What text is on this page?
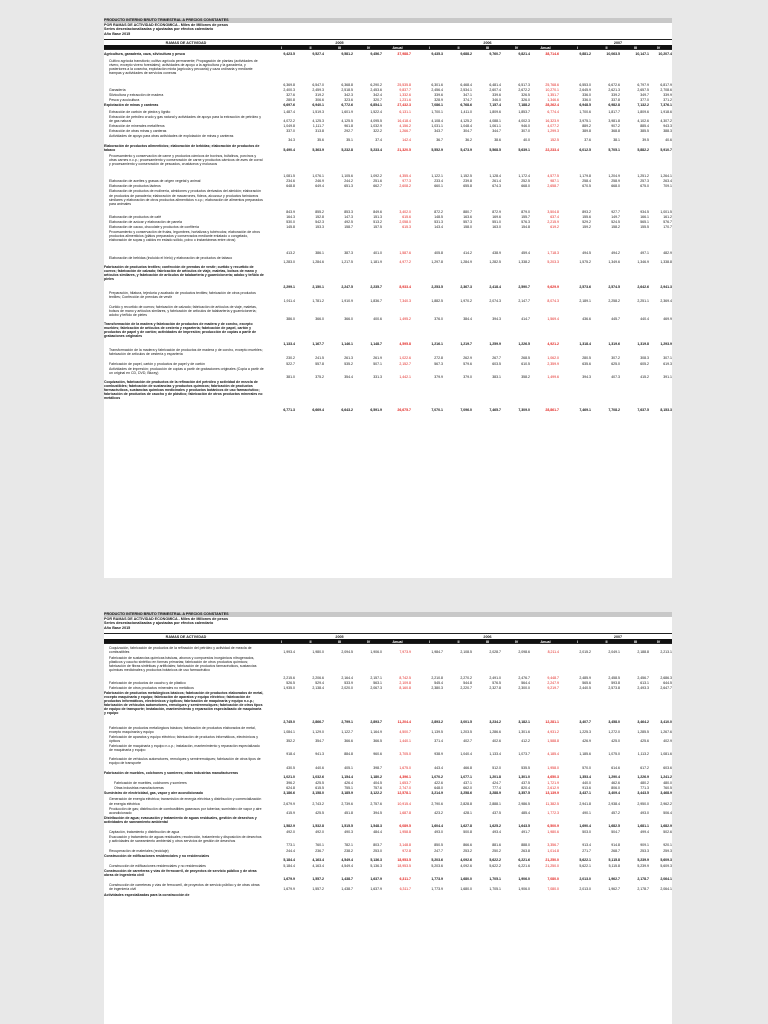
PRODUCTO INTERNO BRUTO TRIMESTRAL A PRECIOS CONSTANTES
POR RAMAS DE ACTIVIDAD ECONOMICA - Miles de Millones de pesos
Series desestacionalizadas y ajustadas por efectos calendario
Año Base 2015
RAMAS DE ACTIVIDAD	2005	2006	2007
I	II	III	IV	Anual	I	II	III	IV	Anual	I	II	III	IV
Agricultura, ganadería, caza, silvicultura y pesca	9,423.5	9,527.4	9,581.2	9,456.7	37,988.7	9,435.3	9,688.2	9,760.7	9,821.4	38,714.6	9,881.2	10,063.5	10,147.1	10,207.4
Cultivo agrícola transitorio; cultivo agrícola permanente; Propagación de plantas (actividades de vivero, excepto vivero forestales); actividades de apoyo a la agricultura y la ganadería, y posteriores a la cosecha, explotación mixta (agrícola y pecuaria) y caza ordinaria y mediante trampas y actividades de servicios conexas
6,369.8	6,547.0	6,368.8	6,290.2	25,535.8	6,301.6	6,468.4	6,481.4	6,517.3	25,768.6	6,553.0	6,672.6	6,797.9	6,817.9
Ganadería	2,400.3	2,459.3	2,518.5	2,453.6	9,837.7	2,456.4	2,534.1	2,607.4	2,672.2	10,270.1	2,645.9	2,621.3	2,657.5	2,708.6
Silvicultura y extracción de madera	327.6	319.2	342.3	342.4	1,332.6	339.6	347.1	339.6	326.5	1,351.7	336.0	339.2	349.7	339.9
Pesca y acuicultura	280.8	306.6	323.6	320.7	1,231.6	328.9	374.7	346.0	326.0	1,346.6	336.0	337.8	377.0	371.2
Explotación de minas y canteras	6,697.6	6,940.1	6,772.6	6,854.1	27,432.3	7,086.1	6,768.6	7,157.4	7,188.2	28,262.4	6,948.5	6,982.8	7,132.2	7,376.1
Extracción de carbón de piedra y lignito	1,487.4	1,519.3	1,601.9	1,522.4	6,131.1	1,700.1	1,411.0	1,809.6	1,853.7	6,774.4	1,700.6	1,817.7	1,809.6	1,918.6
Extracción de petróleo crudo y gas natural y actividades de apoyo para la extracción de petróleo y de gas natural	4,072.2	4,125.3	4,125.5	4,095.5	16,418.4	4,108.4	4,125.2	4,088.1	4,002.3	16,323.9	3,975.1	3,981.8	4,102.6	4,307.2
Extracción de minerales metalíferos	1,049.8	1,111.7	961.8	1,032.9	4,156.2	1,031.1	1,048.4	1,061.1	946.0	4,077.2	889.2	907.2	885.4	943.3
Extracción de otras minas y canteras	337.0	313.8	292.7	322.2	1,266.7	343.7	304.7	344.7	307.0	1,299.3	389.8	368.8	385.5	388.3
Actividades de apoyo para otras actividades de explotación de minas y canteras
34.3	35.6	35.1	37.4	142.4	36.7	36.2	38.6	40.0	152.5	37.6	38.1	39.5	40.6
Elaboración de productos alimenticios; elaboración de bebidas; elaboración de productos de tabaco	5,490.4	5,363.9	5,232.8	5,233.4	21,320.5	5,552.9	5,473.9	5,568.5	5,639.1	22,233.4	6,012.5	5,705.1	5,882.2	5,910.7
Procesamiento y conservación de carne y productos cárnicos de bovinos, búfalinos, porcinos y otras carnes n.c.p.; procesamiento y conservación de carne y productos cárnicos de aves de corral y procesamiento y conservación de pescados, crustáceos y moluscos
1,081.5	1,076.1	1,105.6	1,092.2	4,355.4	1,122.1	1,152.5	1,128.4	1,172.4	4,577.5	1,179.8	1,204.9	1,251.2	1,264.1
Elaboración de aceites y grasas de origen vegetal y animal	234.6	246.9	244.2	251.6	977.3	233.4	239.8	261.4	252.5	987.1	258.4	258.9	257.3	263.4
Elaboración de productos lácteos	648.8	649.4	651.3	662.7	2,608.2	660.1	655.8	674.3	668.0	2,658.7	670.5	668.0	675.0	709.1
Elaboración de productos de molinería, almidones y productos derivados del almidón; elaboración de productos de panadería; elaboración de macarrones, fideos, alcuzcuz y productos farináceos similares y elaboración de otros productos alimenticios n.c.p.; elaboración de alimentos preparados para animales
843.9	855.2	853.3	849.6	3,402.0	872.2	880.7	872.9	879.0	3,504.8	893.2	927.7	934.5	1,001.5
Elaboración de productos de café	164.3	152.8	147.3	151.3	615.6	148.5	163.6	169.6	155.7	637.4	155.6	149.7	166.1	161.2
Elaboración de azúcar y elaboración de panela	530.0	542.3	492.5	513.2	2,058.0	531.3	557.3	551.0	576.3	2,215.9	529.2	524.5	565.1	576.7
Elaboración de cacao, chocolate y productos de confitería	145.8	153.3	158.7	157.5	615.3	143.4	158.0	163.0	154.8	619.2	159.2	158.2	155.5	170.7
Procesamiento y conservación de frutas, legumbres, hortalizas y tubérculos; elaboración de otros productos alimenticios (plátos preparados y conservados mediante enlatado o congelado, elaboración de sopas y caldos en estado sólido, polvo o instantáneas entre otros)
413.2	386.1	387.3	401.0	1,587.6	405.8	414.2	438.9	459.4	1,718.3	494.5	494.2	497.1	482.9
Elaboración de bebidas (incluido el hielo) y elaboración de productos de tabaco
1,283.0	1,284.6	1,217.5	1,181.9	4,977.2	1,297.8	1,284.9	1,282.5	1,338.2	5,203.3	1,575.2	1,349.6	1,346.9	1,338.8
Fabricación de productos textiles; confección de prendas de vestir; curtido y recurtido de cueros; fabricación de calzado; fabricación de artículos de viaje, maletas, bolsos de mano y artículos similares, y fabricación de artículos de talabartería y guarnicionería; adobo y teñido de pieles
2,299.1	2,150.1	2,247.5	2,235.7	8,933.4	2,253.5	2,367.3	2,418.4	2,590.7	9,629.9	2,573.6	2,574.5	2,642.6	2,941.3
Preparación, hilatura, tejeduría y acabado de productos textiles; fabricación de otros productos textiles; Confección de prendas de vestir
1,911.4	1,781.2	1,910.9	1,836.7	7,340.3	1,882.5	1,970.2	2,074.3	2,147.7	8,074.3	2,189.1	2,258.2	2,251.1	2,369.4
Curtido y recurtido de cueros; fabricación de calzado; fabricación de artículos de viaje, maletas, bolsos de mano y artículos similares, y fabricación de artículos de talabartería y guarnicionería; adobo y teñido de pieles
386.0	366.0	366.0	400.6	1,495.2	376.0	384.4	394.3	414.7	1,569.4	436.6	445.7	440.4	469.9
Transformación de la madera y fabricación de productos de madera y de corcho, excepto muebles; fabricación de artículos de cestería y espartería; fabricación de papel, cartón y productos de papel y de cartón; actividades de impresión; producción de copias a partir de grabaciones originales
1,133.4	1,167.7	1,146.1	1,148.7	4,595.8	1,216.1	1,219.7	1,259.9	1,226.5	4,921.2	1,318.4	1,319.6	1,319.8	1,293.9
Transformación de la madera y fabricación de productos de madera y de corcho, excepto muebles; fabricación de artículos de cestería y espartería
230.2	241.5	261.3	261.9	1,022.6	272.8	262.9	267.7	268.5	1,062.0	280.5	307.2	308.3	307.1
Fabricación de papel, cartón y productos de papel y de cartón	522.7	557.8	535.2	507.1	2,152.7	567.3	579.6	603.5	610.5	2,359.9	635.6	625.0	605.2	619.3
Actividades de impresión; producción de copias a partir de grabaciones originales (Copia a partir de un original en CD, DVD, Bluray)
381.0	375.2	354.4	331.3	1,442.1	379.9	379.0	383.1	358.2	1,499.6	394.3	407.3	415.2	391.1
Coquización, fabricación de productos de la refinación del petróleo y actividad de mezcla de combustibles; fabricación de sustancias y productos químicos; fabricación de productos farmacéuticos, sustancias químicas medicinales y productos botánicos de uso farmacéutico; fabricación de productos de caucho y de plástico; fabricación de otros productos minerales no metálicos
6,771.3	6,669.4	6,643.2	6,591.9	26,675.7	7,070.1	7,096.0	7,465.7	7,309.0	28,861.7	7,469.1	7,708.2	7,637.5	8,153.3
PRODUCTO INTERNO BRUTO TRIMESTRAL A PRECIOS CONSTANTES
POR RAMAS DE ACTIVIDAD ECONOMICA - Miles de Millones de pesos
Series desestacionalizadas y ajustadas por efectos calendario
Año Base 2015
RAMAS DE ACTIVIDAD	2005	2006	2007
I	II	III	IV	Anual	I	II	III	IV	Anual	I	II	III	IV
Coquización, fabricación de productos de la refinación del petróleo y actividad de mezcla de combustibles	1,993.4	1,980.0	2,094.5	1,906.0	7,973.9	1,984.7	2,108.5	2,028.7	2,098.6	8,211.4	2,015.2	2,049.1	2,188.8	2,213.1
Fabricación de sustancias químicas básicas, abonos y compuestos inorgánicos nitrogenados, plásticos y caucho sintético en formas primarias; fabricación de otros productos químicos; fabricación de fibras sintéticas y artificiales; fabricación de productos farmacéuticos, sustancias químicas medicinales y productos botánicos de uso farmacéutico
2,215.6	2,206.6	2,164.4	2,157.1	8,742.5	2,210.8	2,270.2	2,491.0	2,476.7	9,448.7	2,485.9	2,458.5	2,456.7	2,686.3
Fabricación de productos de caucho y de plástico	526.5	529.4	533.9	563.1	2,109.8	545.4	544.8	576.5	564.4	2,247.9	565.6	593.8	613.1	644.5
Fabricación de otros productos minerales no metálicos	1,935.0	2,138.4	2,020.0	2,067.3	8,160.8	2,380.3	2,220.7	2,327.8	2,300.0	9,219.7	2,440.5	2,573.8	2,493.3	2,647.7
Fabricación de productos metalúrgicos básicos; fabricación de productos elaborados de metal, excepto maquinaria y equipo; fabricación de aparatos y equipo eléctrico; fabricación de productos informáticos, electrónicos y ópticos; fabricación de maquinaria y equipo n.c.p.; fabricación de vehículos automotores, remolques y semirremolques; fabricación de otros tipos de equipo de transporte; instalación, mantenimiento y reparación especializado de maquinaria y equipo
2,745.0	2,866.7	2,799.1	2,893.7	11,204.4	2,893.2	3,001.5	3,234.2	3,182.1	12,281.1	3,407.7	3,458.0	3,464.2	3,410.0
Fabricación de productos metalúrgicos básicos; fabricación de productos elaborados de metal, excepto maquinaria y equipo	1,084.1	1,129.0	1,122.7	1,164.9	4,500.7	1,139.5	1,203.5	1,286.6	1,301.6	4,931.2	1,225.3	1,272.0	1,285.5	1,267.6
Fabricación de aparatos y equipo eléctrico; fabricación de productos informáticos, electrónicos y ópticos	352.2	354.7	366.6	366.5	1,440.1	371.4	402.7	402.6	412.2	1,588.8	426.9	425.0	425.6	402.9
Fabricación de maquinaria y equipo n.c.p.; instalación, mantenimiento y reparación especializado de maquinaria y equipo
918.4	941.3	884.8	960.6	3,705.0	938.9	1,040.4	1,133.4	1,073.7	4,185.4	1,185.6	1,075.0	1,113.2	1,081.6
Fabricación de vehículos automotores, remolques y semirremolques; fabricación de otros tipos de equipo de transporte
430.5	440.6	405.1	398.7	1,675.0	443.4	466.8	512.0	535.5	1,958.0	570.0	614.6	617.2	603.6
Fabricación de muebles, colchones y somieres; otras industrias manufactureras
1,021.0	1,032.6	1,154.4	1,180.2	4,396.1	1,070.2	1,077.1	1,201.8	1,301.0	4,650.3	1,353.4	1,290.4	1,226.9	1,241.2
Fabricación de muebles, colchones y somieres	396.2	425.5	426.4	404.5	1,653.7	422.6	437.1	424.7	437.5	1,721.9	440.0	462.6	480.2	480.0
Otras industrias manufactureras	624.8	615.5	755.1	757.6	2,747.0	648.0	662.0	777.4	820.4	2,612.9	913.6	806.0	771.3	760.5
Suministro de electricidad, gas, vapor y aire acondicionado	3,186.6	3,158.0	3,185.9	3,122.2	12,578.1	3,214.9	3,258.6	3,288.9	3,357.5	13,139.9	3,437.1	3,409.4	3,443.5	3,468.9
Generación de energía eléctrica; transmisión de energía eléctrica y distribución y comercialización de energía eléctrica	2,679.9	2,743.2	2,739.6	2,757.6	10,915.4	2,790.6	2,828.8	2,888.1	2,986.5	11,382.5	2,941.8	2,938.4	2,950.0	2,962.2
Producción de gas; distribución de combustibles gaseosos por tuberías; suministro de vapor y aire acondicionado	415.9	425.5	451.8	394.5	1,687.8	423.2	428.1	437.5	485.4	1,772.3	490.1	457.2	493.0	506.4
Distribución de agua; evacuación y tratamiento de aguas residuales, gestión de desechos y actividades de saneamiento ambiental
1,582.9	1,532.8	1,515.5	1,548.3	6,089.5	1,604.4	1,627.8	1,625.2	1,643.5	6,500.9	1,690.4	1,682.5	1,681.1	1,682.9
Captación, tratamiento y distribución de agua	492.0	492.0	490.3	484.4	1,958.8	493.0	500.8	493.4	491.7	1,980.6	503.0	504.7	499.4	502.6
Evacuación y tratamiento de aguas residuales; recolección, tratamiento y disposición de desechos y actividades de saneamiento ambiental y otros servicios de gestión de desechos
773.1	760.1	782.1	803.7	3,148.8	850.5	866.6	881.6	888.0	3,356.7	913.4	914.8	909.1	920.1
Recuperación de materiales (reciclaje)	244.4	236.7	238.2	253.0	972.8	247.7	253.2	250.2	263.8	1,014.8	271.7	268.7	253.3	259.3
Construcción de edificaciones residenciales y no residenciales
5,184.4	4,163.4	4,549.4	5,136.3	18,953.5	5,203.6	4,092.6	5,622.2	6,221.6	21,250.0	5,622.1	5,115.8	5,239.9	5,609.3
Construcción de edificaciones residenciales y no residenciales	5,184.4	4,163.4	4,549.4	5,136.3	18,953.5	5,203.6	4,092.6	5,622.2	6,221.6	21,250.0	5,622.1	5,115.8	5,239.9	5,609.3
Construcción de carreteras y vías de ferrocarril, de proyectos de servicio público y de otras obras de ingeniería civil
1,679.9	1,557.2	1,438.7	1,637.9	6,311.7	1,773.9	1,680.0	1,705.1	1,906.0	7,080.0	2,013.0	1,962.7	2,178.7	2,064.1
Construcción de carreteras y vías de ferrocarril, de proyectos de servicio público y de otras obras de ingeniería civil	1,679.9	1,557.2	1,438.7	1,637.9	6,311.7	1,773.9	1,680.0	1,705.1	1,906.0	7,080.0	2,013.0	1,962.7	2,178.7	2,064.1
Actividades especializadas para la construcción de
